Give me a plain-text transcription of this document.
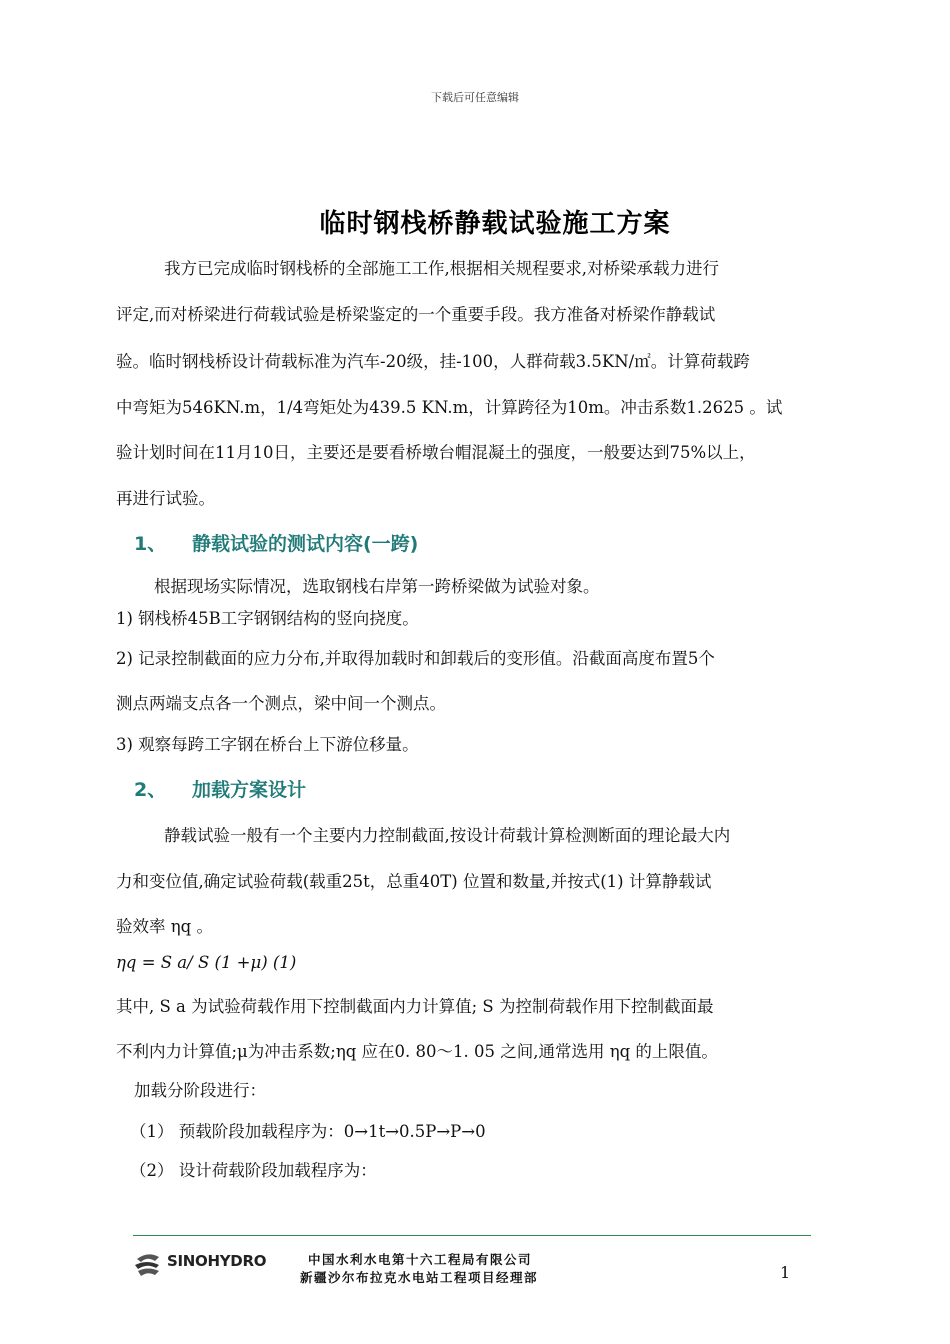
下载后可任意编辑
临时钢栈桥静载试验施工方案
我方已完成临时钢栈桥的全部施工工作,根据相关规程要求,对桥梁承载力进行
评定,而对桥梁进行荷载试验是桥梁鉴定的一个重要手段。我方准备对桥梁作静载试
验。临时钢栈桥设计荷载标准为汽车-20级，挂-100，人群荷载3.5KN/㎡。计算荷载跨
中弯矩为546KN.m，1/4弯矩处为439.5 KN.m，计算跨径为10m。冲击系数1.2625 。试
验计划时间在11月10日，主要还是要看桥墩台帽混凝土的强度，一般要达到75%以上，
再进行试验。
1、 静载试验的测试内容(一跨)
根据现场实际情况，选取钢栈右岸第一跨桥梁做为试验对象。
1) 钢栈桥45B工字钢钢结构的竖向挠度。
2) 记录控制截面的应力分布,并取得加载时和卸载后的变形值。沿截面高度布置5个
测点两端支点各一个测点，梁中间一个测点。
3) 观察每跨工字钢在桥台上下游位移量。
2、 加载方案设计
静载试验一般有一个主要内力控制截面,按设计荷载计算检测断面的理论最大内
力和变位值,确定试验荷载(载重25t，总重40T) 位置和数量,并按式(1) 计算静载试
验效率 ηq 。
ηq = S a/ S (1 +μ) (1)
其中, S a 为试验荷载作用下控制截面内力计算值; S 为控制荷载作用下控制截面最
不利内力计算值;μ为冲击系数;ηq 应在0. 80～1. 05 之间,通常选用 ηq 的上限值。
加载分阶段进行：
（1） 预载阶段加载程序为：0→1t→0.5P→P→0
（2） 设计荷载阶段加载程序为：
SINOHYDRO	中国水利水电第十六工程局有限公司
新疆沙尔布拉克水电站工程项目经理部	1
